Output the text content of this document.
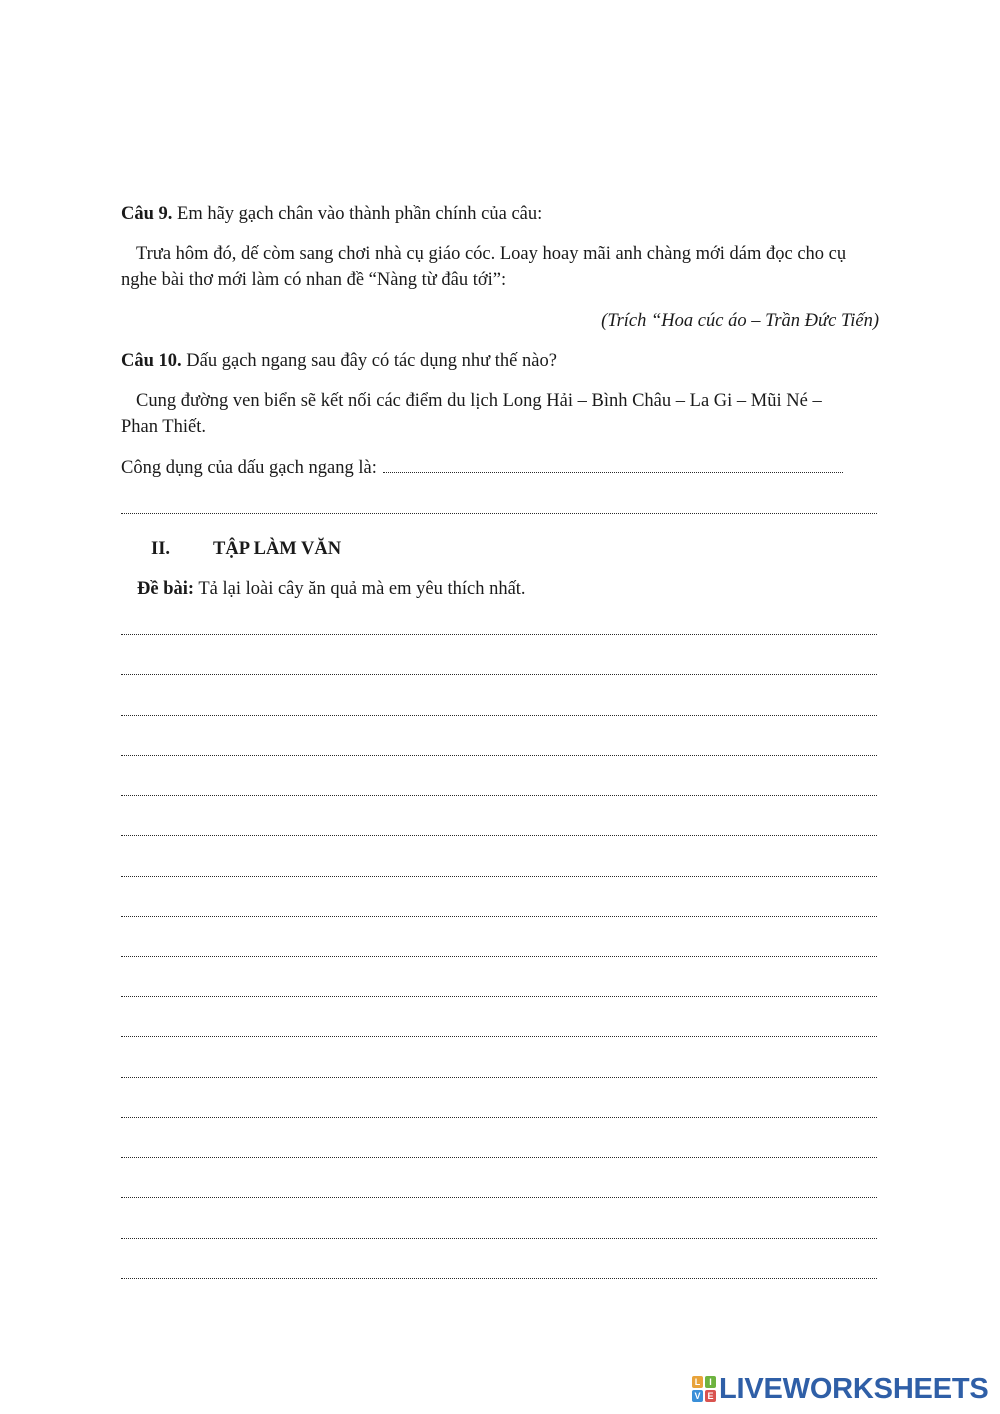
Câu 9. Em hãy gạch chân vào thành phần chính của câu:
Trưa hôm đó, dế còm sang chơi nhà cụ giáo cóc. Loay hoay mãi anh chàng mới dám đọc cho cụ nghe bài thơ mới làm có nhan đề “Nàng từ đâu tới”:
(Trích “Hoa cúc áo – Trần Đức Tiến)
Câu 10. Dấu gạch ngang sau đây có tác dụng như thế nào?
Cung đường ven biển sẽ kết nối các điểm du lịch Long Hải – Bình Châu – La Gi – Mũi Né – Phan Thiết.
Công dụng của dấu gạch ngang là:
II. TẬP LÀM VĂN
Đề bài: Tả lại loài cây ăn quả mà em yêu thích nhất.
L I
V E LIVEWORKSHEETS
